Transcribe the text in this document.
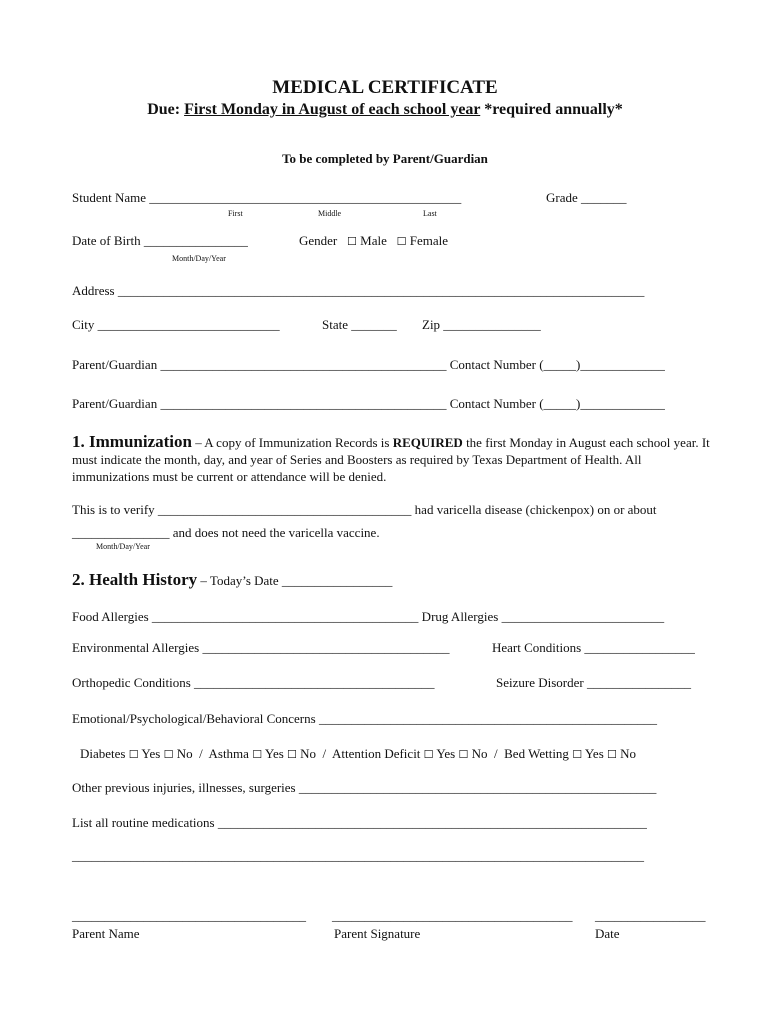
MEDICAL CERTIFICATE
Due: First Monday in August of each school year *required annually*
To be completed by Parent/Guardian
Student Name ________________________________________________	Grade _______
First	Middle	Last
Date of Birth ________________
Month/Day/Year
Gender ☐ Male ☐ Female
Address _________________________________________________________________________________
City ____________________________	State _______ Zip _______________
Parent/Guardian ____________________________________________ Contact Number (_____)_____________
Parent/Guardian ____________________________________________ Contact Number (_____)_____________
1. Immunization – A copy of Immunization Records is REQUIRED the first Monday in August each school year. It must indicate the month, day, and year of Series and Boosters as required by Texas Department of Health. All immunizations must be current or attendance will be denied.
This is to verify _______________________________________ had varicella disease (chickenpox) on or about
_______________ and does not need the varicella vaccine.
Month/Day/Year
2. Health History – Today’s Date _________________
Food Allergies _________________________________________ Drug Allergies _________________________
Environmental Allergies ______________________________________	Heart Conditions _________________
Orthopedic Conditions _____________________________________	Seizure Disorder ________________
Emotional/Psychological/Behavioral Concerns ____________________________________________________
Diabetes ☐ Yes ☐ No / Asthma ☐ Yes ☐ No / Attention Deficit ☐ Yes ☐ No / Bed Wetting ☐ Yes ☐ No
Other previous injuries, illnesses, surgeries _______________________________________________________
List all routine medications __________________________________________________________________
________________________________________________________________________________________
____________________________________ _____________________________________ _________________
Parent Name	Parent Signature	Date
